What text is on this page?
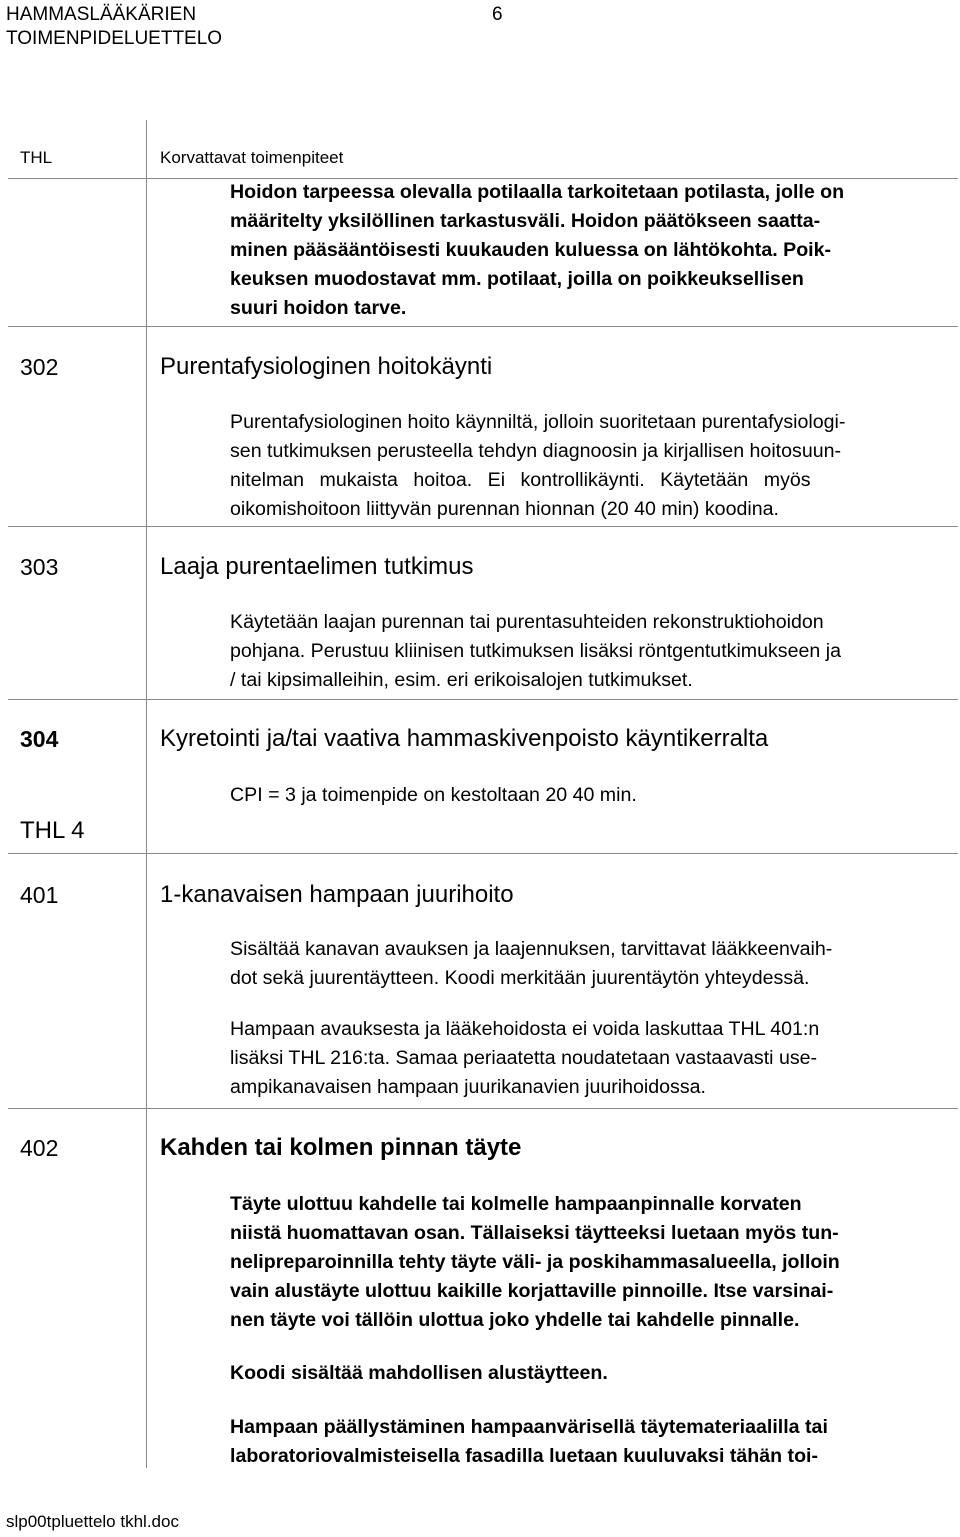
HAMMASLÄÄKÄRIEN
TOIMENPIDELUETTELO
6
THL	Korvattavat toimenpiteet
Hoidon tarpeessa olevalla potilaalla tarkoitetaan potilasta, jolle on
määritelty yksilöllinen tarkastusväli. Hoidon päätökseen saatta-
minen pääsääntöisesti kuukauden kuluessa on lähtökohta. Poik-
keuksen muodostavat mm. potilaat, joilla on poikkeuksellisen
suuri hoidon tarve.
302	Purentafysiologinen hoitokäynti
Purentafysiologinen hoito käynniltä, jolloin suoritetaan purentafysiologi-
sen tutkimuksen perusteella tehdyn diagnoosin ja kirjallisen hoitosuun-
nitelman mukaista hoitoa. Ei kontrollikäynti. Käytetään myös
oikomishoitoon liittyvän purennan hionnan (20 40 min) koodina.
303	Laaja purentaelimen tutkimus
Käytetään laajan purennan tai purentasuhteiden rekonstruktiohoidon
pohjana. Perustuu kliinisen tutkimuksen lisäksi röntgentutkimukseen ja
/ tai kipsimalleihin, esim. eri erikoisalojen tutkimukset.
304	Kyretointi ja/tai vaativa hammaskivenpoisto käyntikerralta
CPI = 3 ja toimenpide on kestoltaan 20 40 min.
THL 4
401	1-kanavaisen hampaan juurihoito
Sisältää kanavan avauksen ja laajennuksen, tarvittavat lääkkeenvaih-
dot sekä juurentäytteen. Koodi merkitään juurentäytön yhteydessä.
Hampaan avauksesta ja lääkehoidosta ei voida laskuttaa THL 401:n
lisäksi THL 216:ta. Samaa periaatetta noudatetaan vastaavasti use-
ampikanavaisen hampaan juurikanavien juurihoidossa.
402	Kahden tai kolmen pinnan täyte
Täyte ulottuu kahdelle tai kolmelle hampaanpinnalle korvaten
niistä huomattavan osan. Tällaiseksi täytteeksi luetaan myös tun-
nelipreparoinnilla tehty täyte väli- ja poskihammasalueella, jolloin
vain alustäyte ulottuu kaikille korjattaville pinnoille. Itse varsinai-
nen täyte voi tällöin ulottua joko yhdelle tai kahdelle pinnalle.
Koodi sisältää mahdollisen alustäytteen.
Hampaan päällystäminen hampaanvärisellä täytemateriaalilla tai
laboratoriovalmisteisella fasadilla luetaan kuuluvaksi tähän toi-
slp00tpluettelo tkhl.doc
